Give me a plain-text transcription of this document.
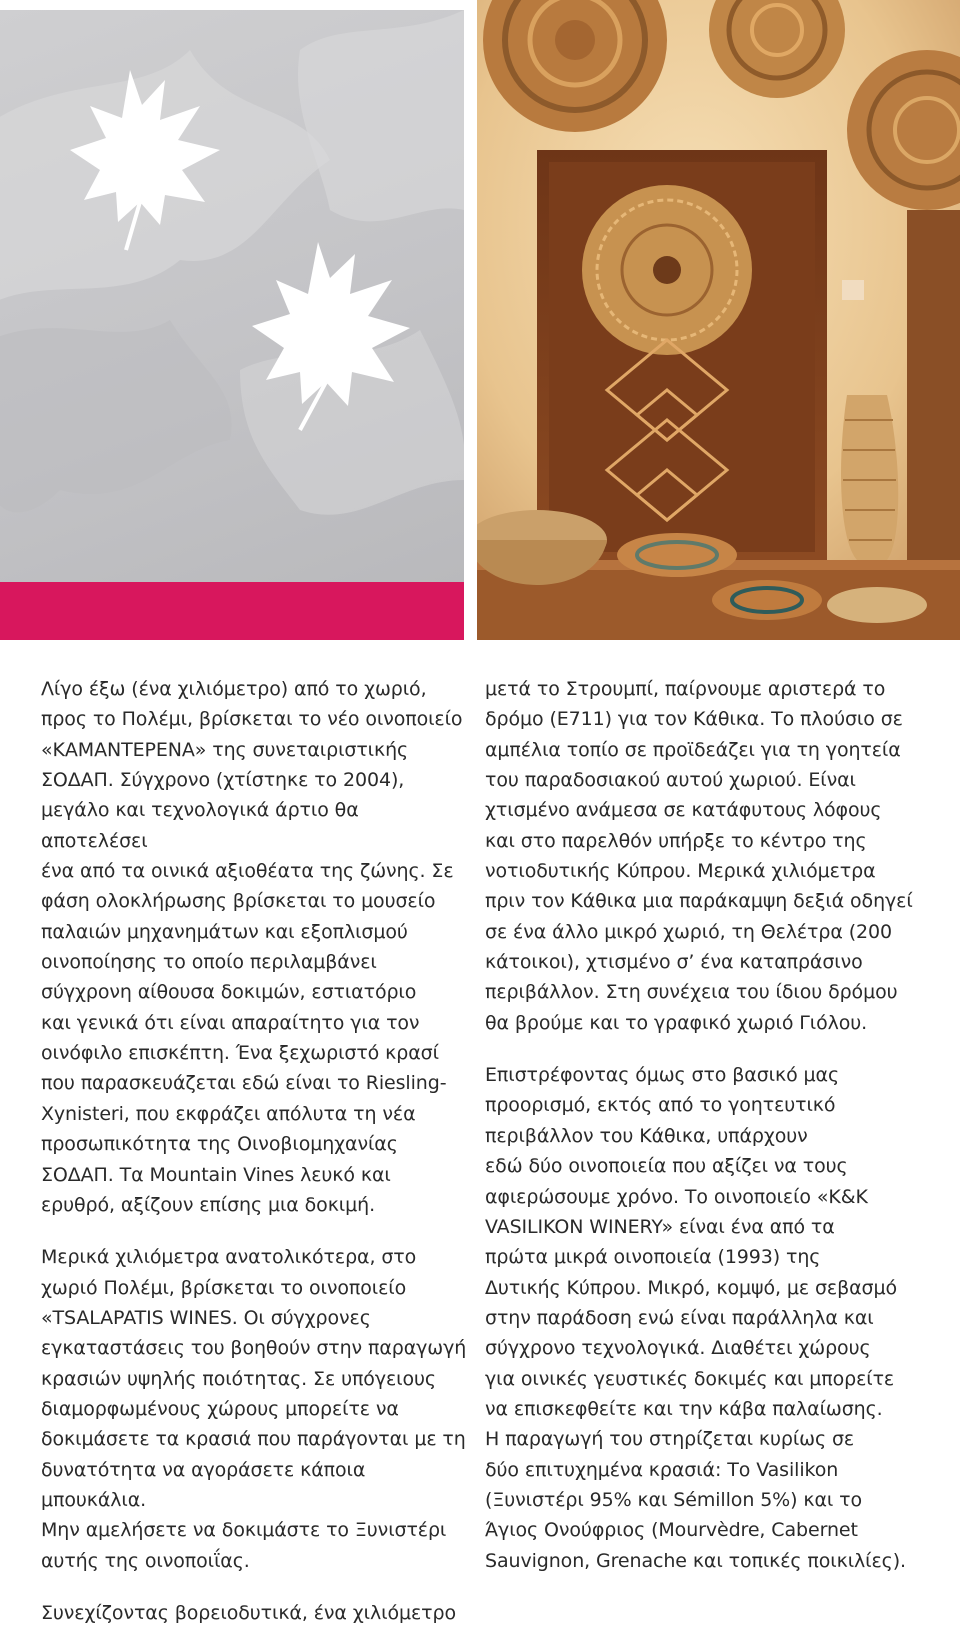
Λίγο έξω (ένα χιλιόμετρο) από το χωριό,
προς το Πολέμι, βρίσκεται το νέο οινοποιείο
«ΚΑΜΑΝΤΕΡΕΝΑ» της συνεταιριστικής
ΣΟΔΑΠ. Σύγχρονο (χτίστηκε το 2004),
μεγάλο και τεχνολογικά άρτιο θα αποτελέσει
ένα από τα οινικά αξιοθέατα της ζώνης. Σε
φάση ολοκλήρωσης βρίσκεται το μουσείο
παλαιών μηχανημάτων και εξοπλισμού
οινοποίησης το οποίο περιλαμβάνει
σύγχρονη αίθουσα δοκιμών, εστιατόριο
και γενικά ότι είναι απαραίτητο για τον
οινόφιλο επισκέπτη. Ένα ξεχωριστό κρασί
που παρασκευάζεται εδώ είναι το Riesling-
Xynisteri, που εκφράζει απόλυτα τη νέα
προσωπικότητα της Οινοβιομηχανίας
ΣΟΔΑΠ. Τα Mountain Vines λευκό και
ερυθρό, αξίζουν επίσης μια δοκιμή.

Μερικά χιλιόμετρα ανατολικότερα, στο
χωριό Πολέμι, βρίσκεται το οινοποιείο
«TSALAPATIS WINES. Οι σύγχρονες
εγκαταστάσεις του βοηθούν στην παραγωγή
κρασιών υψηλής ποιότητας. Σε υπόγειους
διαμορφωμένους χώρους μπορείτε να
δοκιμάσετε τα κρασιά που παράγονται με τη
δυνατότητα να αγοράσετε κάποια μπουκάλια.
Μην αμελήσετε να δοκιμάστε το Ξυνιστέρι
αυτής της οινοποιΐας.

Συνεχίζοντας βορειοδυτικά, ένα χιλιόμετρο

μετά το Στρουμπί, παίρνουμε αριστερά το
δρόμο (Ε711) για τον Κάθικα. Το πλούσιο σε
αμπέλια τοπίο σε προϊδεάζει για τη γοητεία
του παραδοσιακού αυτού χωριού. Είναι
χτισμένο ανάμεσα σε κατάφυτους λόφους
και στο παρελθόν υπήρξε το κέντρο της
νοτιοδυτικής Κύπρου. Μερικά χιλιόμετρα
πριν τον Κάθικα μια παράκαμψη δεξιά οδηγεί
σε ένα άλλο μικρό χωριό, τη Θελέτρα (200
κάτοικοι), χτισμένο σ’ ένα καταπράσινο
περιβάλλον. Στη συνέχεια του ίδιου δρόμου
θα βρούμε και το γραφικό χωριό Γιόλου.

Επιστρέφοντας όμως στο βασικό μας
προορισμό, εκτός από το γοητευτικό
περιβάλλον του Κάθικα, υπάρχουν
εδώ δύο οινοποιεία που αξίζει να τους
αφιερώσουμε χρόνο. Το οινοποιείο «Κ&Κ
VASILIKON WINERY» είναι ένα από τα
πρώτα μικρά οινοποιεία (1993) της
Δυτικής Κύπρου. Μικρό, κομψό, με σεβασμό
στην παράδοση ενώ είναι παράλληλα και
σύγχρονο τεχνολογικά. Διαθέτει χώρους
για οινικές γευστικές δοκιμές και μπορείτε
να επισκεφθείτε και την κάβα παλαίωσης.
Η παραγωγή του στηρίζεται κυρίως σε
δύο επιτυχημένα κρασιά: Το Vasilikon
(Ξυνιστέρι 95% και Sémillon 5%) και το
Άγιος Ονούφριος (Mourvèdre, Cabernet
Sauvignon, Grenache και τοπικές ποικιλίες).
